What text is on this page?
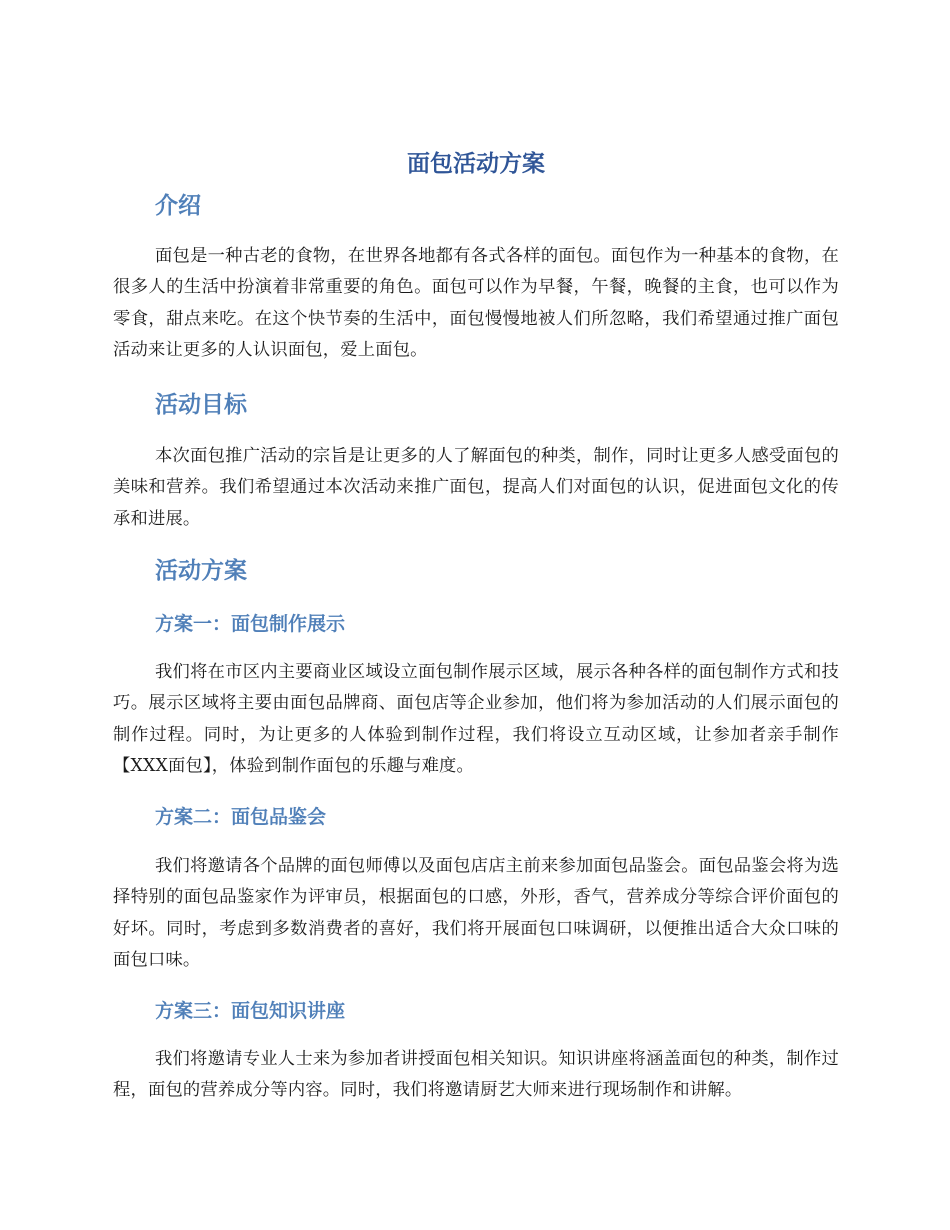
面包活动方案
介绍

面包是一种古老的食物，在世界各地都有各式各样的面包。面包作为一种基本的食物，在很多人的生活中扮演着非常重要的角色。面包可以作为早餐，午餐，晚餐的主食，也可以作为零食，甜点来吃。在这个快节奏的生活中，面包慢慢地被人们所忽略，我们希望通过推广面包活动来让更多的人认识面包，爱上面包。

活动目标

本次面包推广活动的宗旨是让更多的人了解面包的种类，制作，同时让更多人感受面包的美味和营养。我们希望通过本次活动来推广面包，提高人们对面包的认识，促进面包文化的传承和进展。

活动方案
方案一：面包制作展示

我们将在市区内主要商业区域设立面包制作展示区域，展示各种各样的面包制作方式和技巧。展示区域将主要由面包品牌商、面包店等企业参加，他们将为参加活动的人们展示面包的制作过程。同时，为让更多的人体验到制作过程，我们将设立互动区域，让参加者亲手制作【XXX面包】，体验到制作面包的乐趣与难度。

方案二：面包品鉴会

我们将邀请各个品牌的面包师傅以及面包店店主前来参加面包品鉴会。面包品鉴会将为选择特别的面包品鉴家作为评审员，根据面包的口感，外形，香气，营养成分等综合评价面包的好坏。同时，考虑到多数消费者的喜好，我们将开展面包口味调研，以便推出适合大众口味的面包口味。

方案三：面包知识讲座

我们将邀请专业人士来为参加者讲授面包相关知识。知识讲座将涵盖面包的种类，制作过程，面包的营养成分等内容。同时，我们将邀请厨艺大师来进行现场制作和讲解。
